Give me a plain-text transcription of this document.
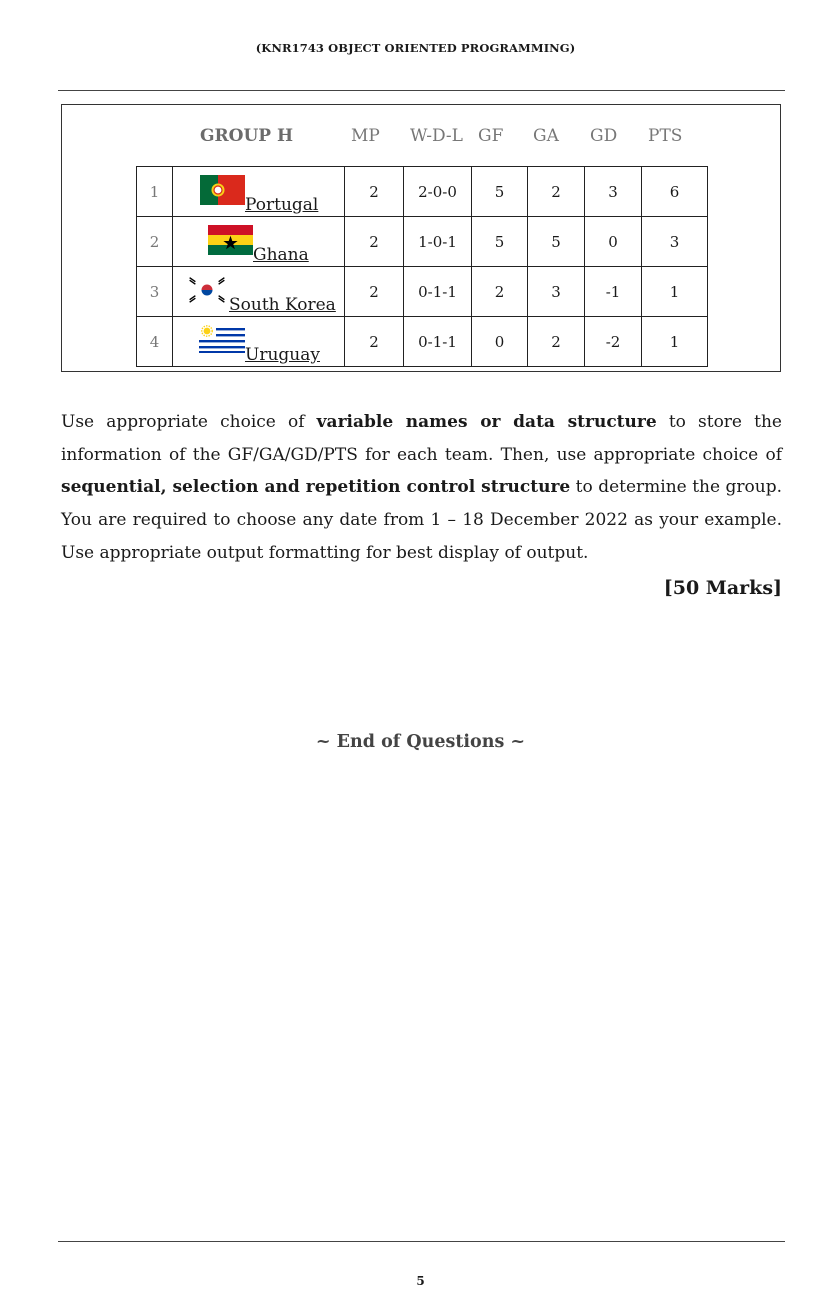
(KNR1743 OBJECT ORIENTED PROGRAMMING)
GROUP H	MP W-D-L GF GA GD PTS
1	Portugal	2	2-0-0	5	2	3	6
2	Ghana	2	1-0-1	5	5	0	3
3	South Korea	2	0-1-1	2	3	-1	1
4	Uruguay	2	0-1-1	0	2	-2	1

Use appropriate choice of variable names or data structure to store the information of the GF/GA/GD/PTS for each team. Then, use appropriate choice of sequential, selection and repetition control structure to determine the group. You are required to choose any date from 1 – 18 December 2022 as your example. Use appropriate output formatting for best display of output.

[50 Marks]
~ End of Questions ~
5
